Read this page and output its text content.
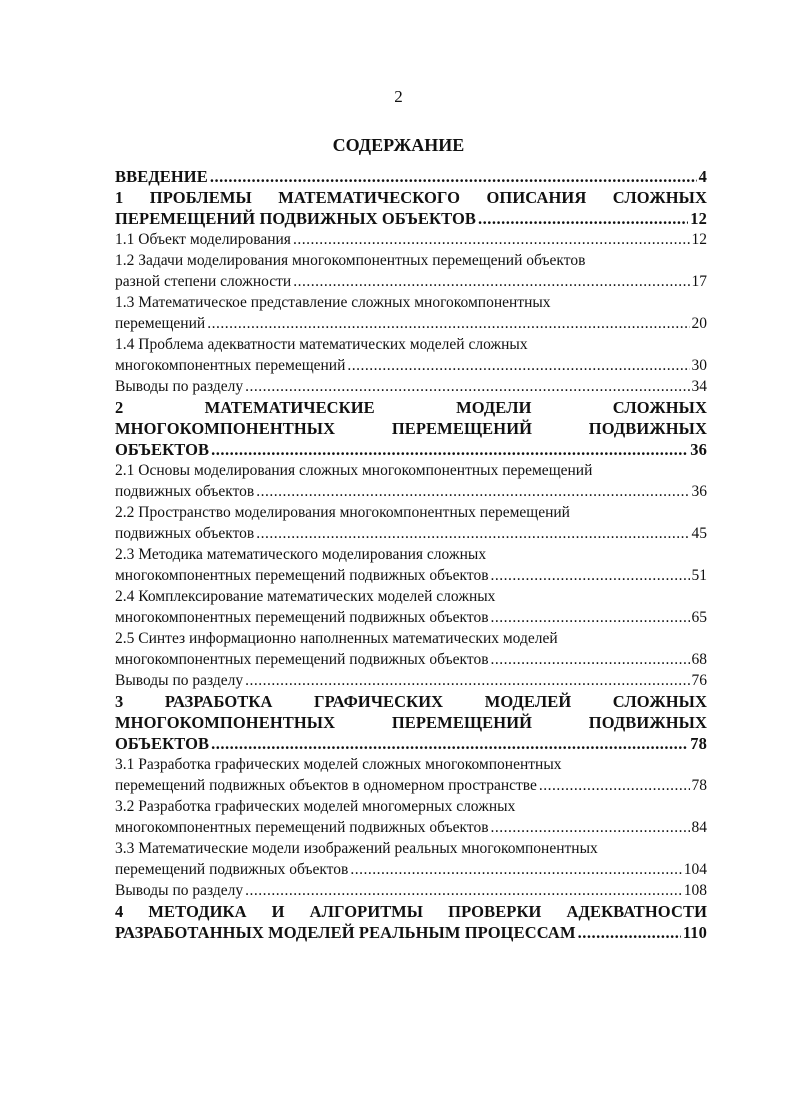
2
СОДЕРЖАНИЕ
ВВЕДЕНИЕ .....	4
1 ПРОБЛЕМЫ МАТЕМАТИЧЕСКОГО ОПИСАНИЯ СЛОЖНЫХ
ПЕРЕМЕЩЕНИЙ ПОДВИЖНЫХ ОБЪЕКТОВ .....	12
1.1 Объект моделирования .....	12
1.2 Задачи моделирования многокомпонентных перемещений объектов
разной степени сложности .....	17
1.3 Математическое представление сложных многокомпонентных
перемещений .....	20
1.4 Проблема адекватности математических моделей сложных
многокомпонентных перемещений .....	30
Выводы по разделу .....	34
2 МАТЕМАТИЧЕСКИЕ МОДЕЛИ СЛОЖНЫХ
МНОГОКОМПОНЕНТНЫХ ПЕРЕМЕЩЕНИЙ ПОДВИЖНЫХ
ОБЪЕКТОВ .....	36
2.1 Основы моделирования сложных многокомпонентных перемещений
подвижных объектов .....	36
2.2 Пространство моделирования многокомпонентных перемещений
подвижных объектов .....	45
2.3 Методика математического моделирования сложных
многокомпонентных перемещений подвижных объектов .....	51
2.4 Комплексирование математических моделей сложных
многокомпонентных перемещений подвижных объектов .....	65
2.5 Синтез информационно наполненных математических моделей
многокомпонентных перемещений подвижных объектов .....	68
Выводы по разделу .....	76
3 РАЗРАБОТКА ГРАФИЧЕСКИХ МОДЕЛЕЙ СЛОЖНЫХ
МНОГОКОМПОНЕНТНЫХ ПЕРЕМЕЩЕНИЙ ПОДВИЖНЫХ
ОБЪЕКТОВ .....	78
3.1 Разработка графических моделей сложных многокомпонентных
перемещений подвижных объектов в одномерном пространстве .....	78
3.2 Разработка графических моделей многомерных сложных
многокомпонентных перемещений подвижных объектов .....	84
3.3 Математические модели изображений реальных многокомпонентных
перемещений подвижных объектов .....	104
Выводы по разделу .....	108
4 МЕТОДИКА И АЛГОРИТМЫ ПРОВЕРКИ АДЕКВАТНОСТИ
РАЗРАБОТАННЫХ МОДЕЛЕЙ РЕАЛЬНЫМ ПРОЦЕССАМ .....	110
